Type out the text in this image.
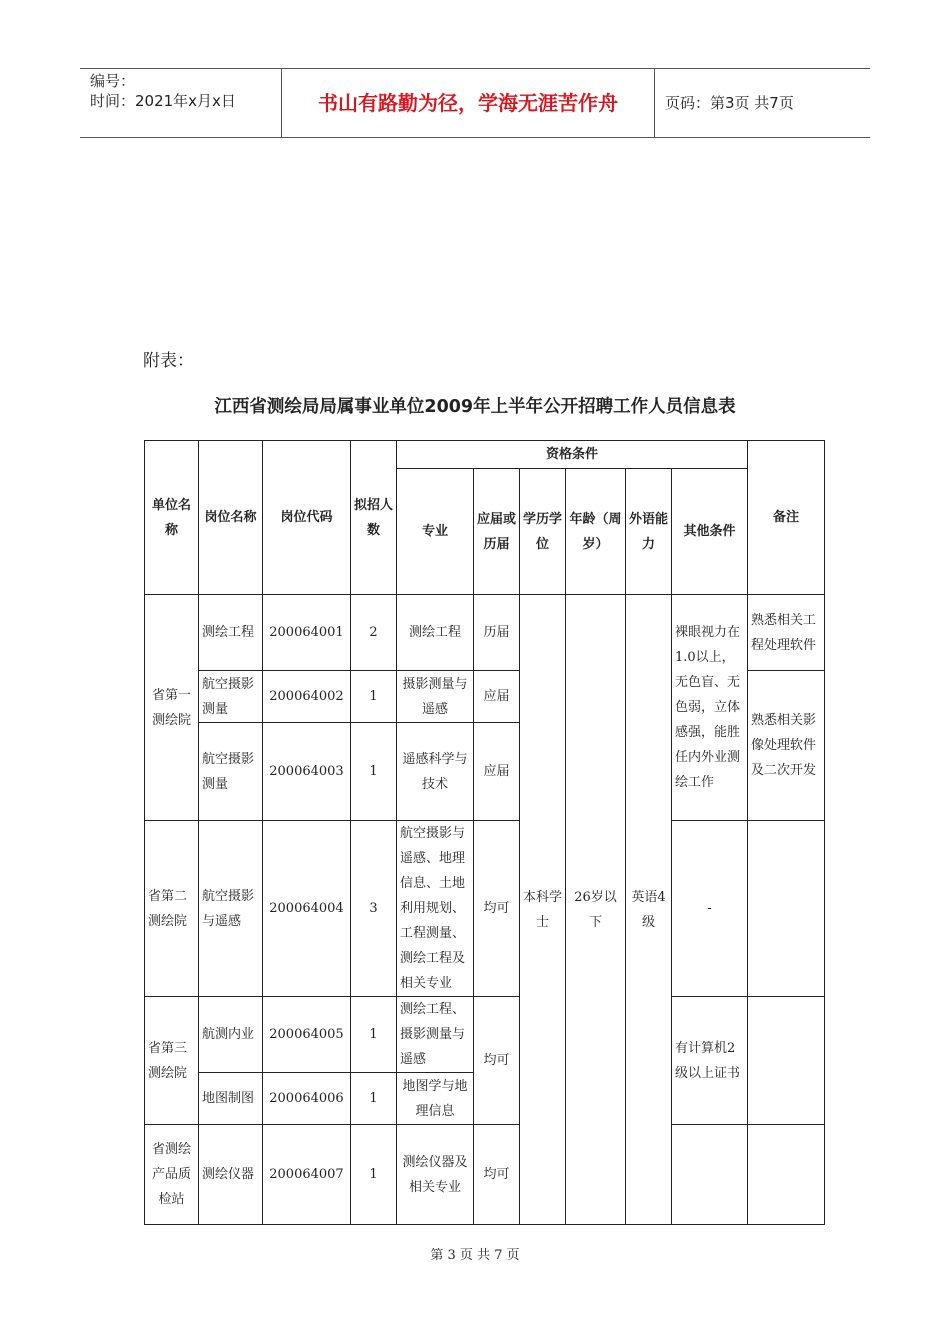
编号：
时间：2021年x月x日	书山有路勤为径，学海无涯苦作舟	页码：第3页 共7页
附表：
江西省测绘局局属事业单位2009年上半年公开招聘工作人员信息表
单位名称	岗位名称	岗位代码	拟招人数	资格条件						备注
				专业	应届或历届	学历学位	年龄（周岁）	外语能力	其他条件	
省第一测绘院	测绘工程	200064001	2	测绘工程	历届	本科学士	26岁以下	英语4级	裸眼视力在1.0以上，无色盲、无色弱，立体感强，能胜任内外业测绘工作	熟悉相关工程处理软件
	航空摄影测量	200064002	1	摄影测量与遥感	应届					熟悉相关影像处理软件及二次开发
	航空摄影测量	200064003	1	遥感科学与技术	应届					
省第二测绘院	航空摄影与遥感	200064004	3	航空摄影与遥感、地理信息、土地利用规划、工程测量、测绘工程及相关专业	均可				-	
省第三测绘院	航测内业	200064005	1	测绘工程、摄影测量与遥感	均可				有计算机2级以上证书	
	地图制图	200064006	1	地图学与地理信息						
省测绘产品质检站	测绘仪器	200064007	1	测绘仪器及相关专业	均可					
第 3 页 共 7 页
